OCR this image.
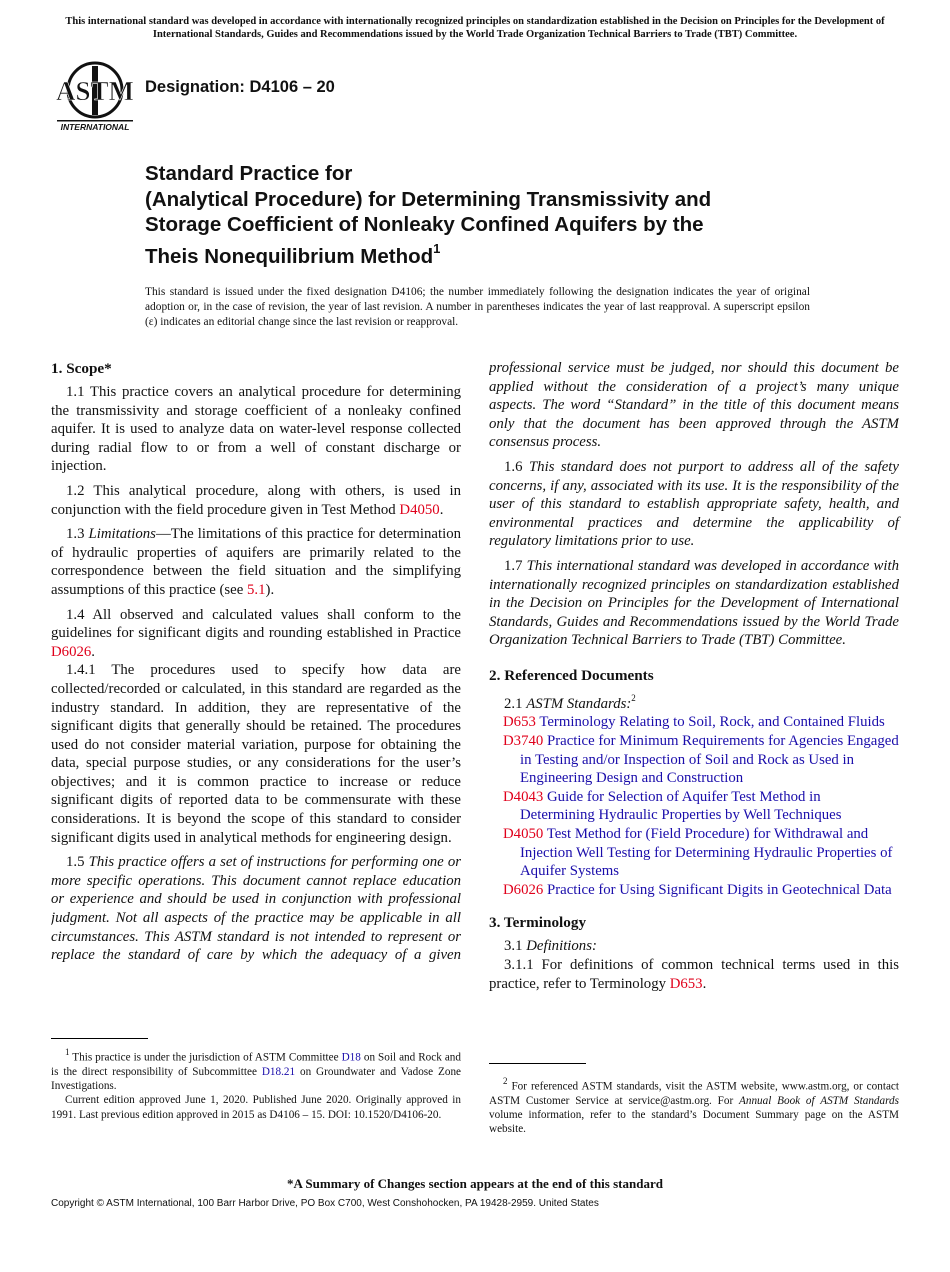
This international standard was developed in accordance with internationally recognized principles on standardization established in the Decision on Principles for the Development of International Standards, Guides and Recommendations issued by the World Trade Organization Technical Barriers to Trade (TBT) Committee.
ASTM
INTERNATIONAL
Designation: D4106 – 20
Standard Practice for
(Analytical Procedure) for Determining Transmissivity and
Storage Coefficient of Nonleaky Confined Aquifers by the
Theis Nonequilibrium Method$^1$
This standard is issued under the fixed designation D4106; the number immediately following the designation indicates the year of original adoption or, in the case of revision, the year of last revision. A number in parentheses indicates the year of last reapproval. A superscript epsilon (ε) indicates an editorial change since the last revision or reapproval.
1. Scope*

1.1 This practice covers an analytical procedure for determining the transmissivity and storage coefficient of a nonleaky confined aquifer. It is used to analyze data on water-level response collected during radial flow to or from a well of constant discharge or injection.

1.2 This analytical procedure, along with others, is used in conjunction with the field procedure given in Test Method D4050.

1.3 Limitations—The limitations of this practice for determination of hydraulic properties of aquifers are primarily related to the correspondence between the field situation and the simplifying assumptions of this practice (see 5.1).

1.4 All observed and calculated values shall conform to the guidelines for significant digits and rounding established in Practice D6026.

1.4.1 The procedures used to specify how data are collected/recorded or calculated, in this standard are regarded as the industry standard. In addition, they are representative of the significant digits that generally should be retained. The procedures used do not consider material variation, purpose for obtaining the data, special purpose studies, or any considerations for the user’s objectives; and it is common practice to increase or reduce significant digits of reported data to be commensurate with these considerations. It is beyond the scope of this standard to consider significant digits used in analytical methods for engineering design.

1.5 This practice offers a set of instructions for performing one or more specific operations. This document cannot replace education or experience and should be used in conjunction with professional judgment. Not all aspects of the practice may be applicable in all circumstances. This ASTM standard is not intended to represent or replace the standard of care by which the adequacy of a given

professional service must be judged, nor should this document be applied without the consideration of a project’s many unique aspects. The word “Standard” in the title of this document means only that the document has been approved through the ASTM consensus process.

1.6 This standard does not purport to address all of the safety concerns, if any, associated with its use. It is the responsibility of the user of this standard to establish appropriate safety, health, and environmental practices and determine the applicability of regulatory limitations prior to use.

1.7 This international standard was developed in accordance with internationally recognized principles on standardization established in the Decision on Principles for the Development of International Standards, Guides and Recommendations issued by the World Trade Organization Technical Barriers to Trade (TBT) Committee.

2. Referenced Documents

2.1 ASTM Standards:$^2$

D653 Terminology Relating to Soil, Rock, and Contained Fluids
D3740 Practice for Minimum Requirements for Agencies Engaged in Testing and/or Inspection of Soil and Rock as Used in Engineering Design and Construction
D4043 Guide for Selection of Aquifer Test Method in Determining Hydraulic Properties by Well Techniques
D4050 Test Method for (Field Procedure) for Withdrawal and Injection Well Testing for Determining Hydraulic Properties of Aquifer Systems
D6026 Practice for Using Significant Digits in Geotechnical Data
3. Terminology

3.1 Definitions:

3.1.1 For definitions of common technical terms used in this practice, refer to Terminology D653.

$^1$ This practice is under the jurisdiction of ASTM Committee D18 on Soil and Rock and is the direct responsibility of Subcommittee D18.21 on Groundwater and Vadose Zone Investigations.

Current edition approved June 1, 2020. Published June 2020. Originally approved in 1991. Last previous edition approved in 2015 as D4106 – 15. DOI: 10.1520/D4106-20.

$^2$ For referenced ASTM standards, visit the ASTM website, www.astm.org, or contact ASTM Customer Service at service@astm.org. For Annual Book of ASTM Standards volume information, refer to the standard’s Document Summary page on the ASTM website.

*A Summary of Changes section appears at the end of this standard
Copyright © ASTM International, 100 Barr Harbor Drive, PO Box C700, West Conshohocken, PA 19428-2959. United States
